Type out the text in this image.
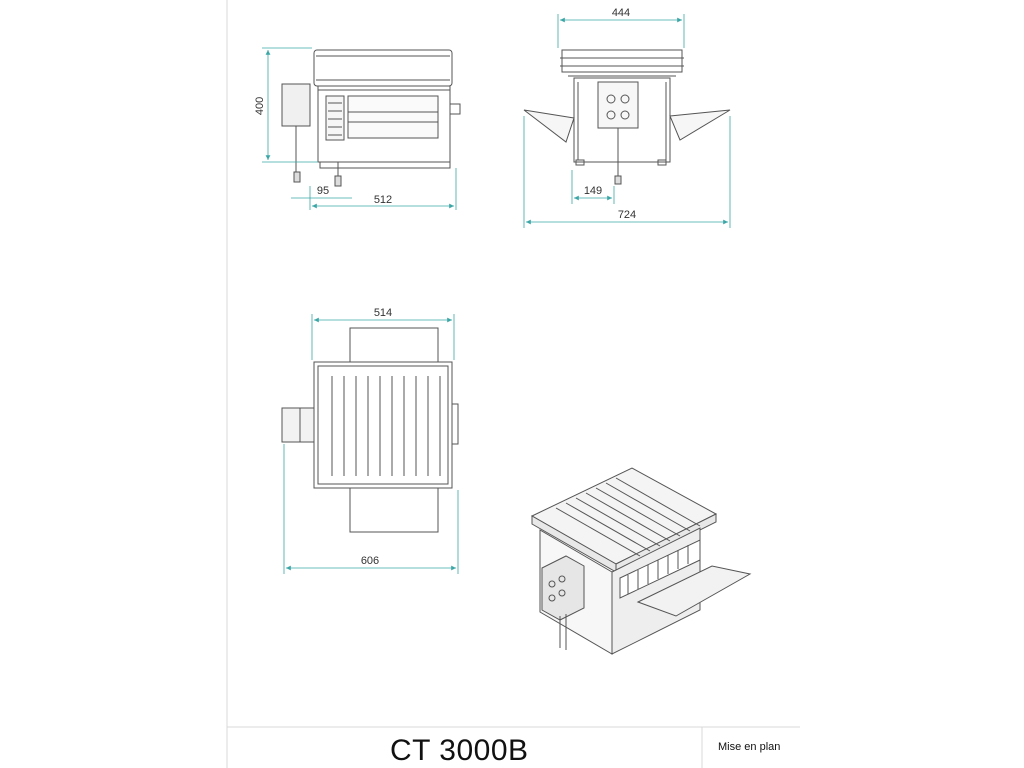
400
95
512
444
149
724
514
606
CT 3000B	Mise en plan
